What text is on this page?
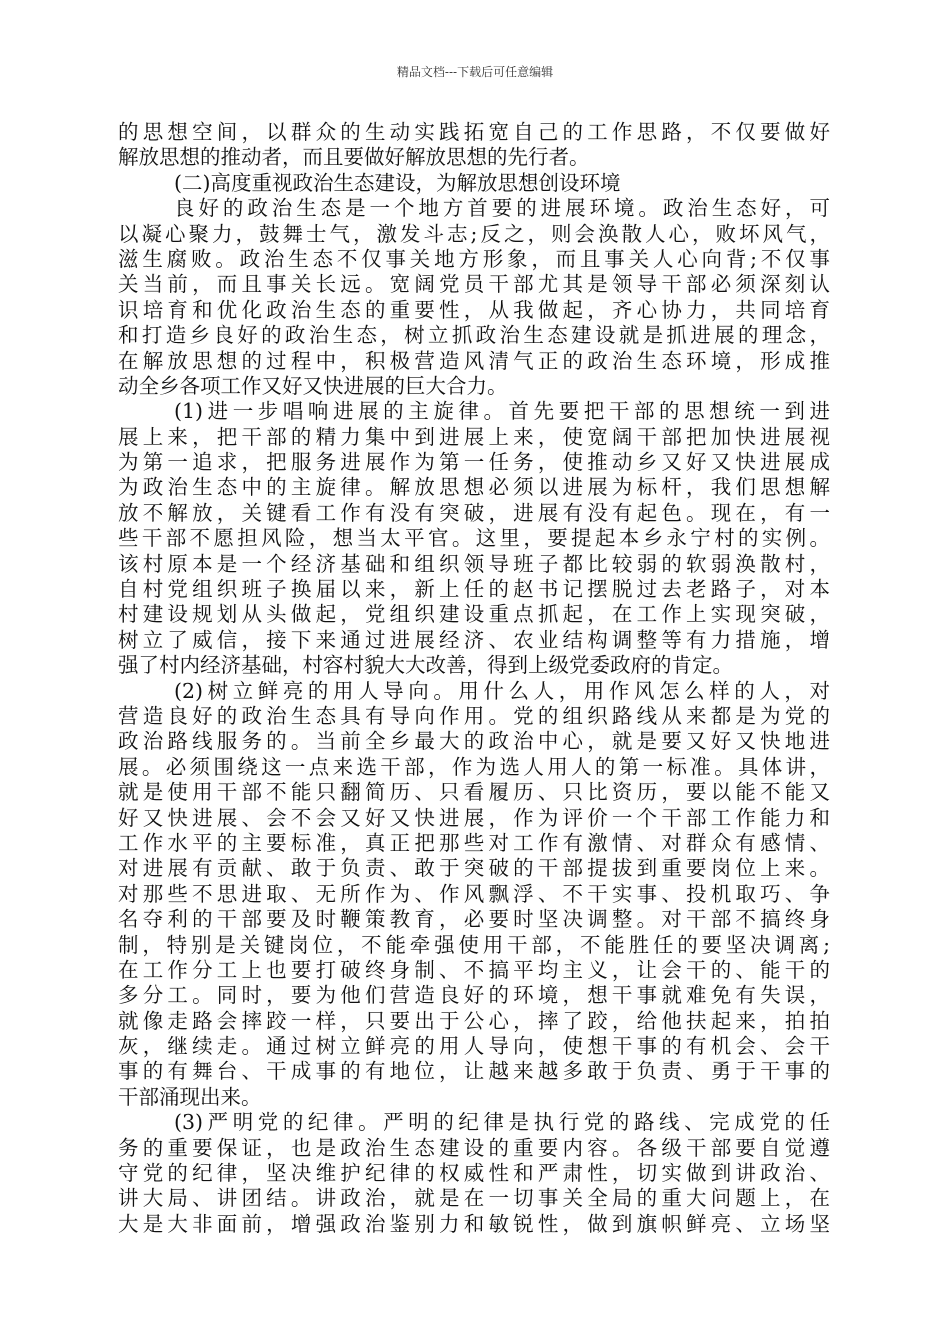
精品文档---下载后可任意编辑
的思想空间，以群众的生动实践拓宽自己的工作思路，不仅要做好
解放思想的推动者，而且要做好解放思想的先行者。
(二)高度重视政治生态建设，为解放思想创设环境
良好的政治生态是一个地方首要的进展环境。政治生态好，可
以凝心聚力，鼓舞士气，激发斗志;反之，则会涣散人心，败坏风气，
滋生腐败。政治生态不仅事关地方形象，而且事关人心向背;不仅事
关当前，而且事关长远。宽阔党员干部尤其是领导干部必须深刻认
识培育和优化政治生态的重要性，从我做起，齐心协力，共同培育
和打造乡良好的政治生态，树立抓政治生态建设就是抓进展的理念，
在解放思想的过程中，积极营造风清气正的政治生态环境，形成推
动全乡各项工作又好又快进展的巨大合力。
(1)进一步唱响进展的主旋律。首先要把干部的思想统一到进
展上来，把干部的精力集中到进展上来，使宽阔干部把加快进展视
为第一追求，把服务进展作为第一任务，使推动乡又好又快进展成
为政治生态中的主旋律。解放思想必须以进展为标杆，我们思想解
放不解放，关键看工作有没有突破，进展有没有起色。现在，有一
些干部不愿担风险，想当太平官。这里，要提起本乡永宁村的实例。
该村原本是一个经济基础和组织领导班子都比较弱的软弱涣散村，
自村党组织班子换届以来，新上任的赵书记摆脱过去老路子，对本
村建设规划从头做起，党组织建设重点抓起，在工作上实现突破，
树立了威信，接下来通过进展经济、农业结构调整等有力措施，增
强了村内经济基础，村容村貌大大改善，得到上级党委政府的肯定。
(2)树立鲜亮的用人导向。用什么人，用作风怎么样的人，对
营造良好的政治生态具有导向作用。党的组织路线从来都是为党的
政治路线服务的。当前全乡最大的政治中心，就是要又好又快地进
展。必须围绕这一点来选干部，作为选人用人的第一标准。具体讲，
就是使用干部不能只翻简历、只看履历、只比资历，要以能不能又
好又快进展、会不会又好又快进展，作为评价一个干部工作能力和
工作水平的主要标准，真正把那些对工作有激情、对群众有感情、
对进展有贡献、敢于负责、敢于突破的干部提拔到重要岗位上来。
对那些不思进取、无所作为、作风飘浮、不干实事、投机取巧、争
名夺利的干部要及时鞭策教育，必要时坚决调整。对干部不搞终身
制，特别是关键岗位，不能牵强使用干部，不能胜任的要坚决调离;
在工作分工上也要打破终身制、不搞平均主义，让会干的、能干的
多分工。同时，要为他们营造良好的环境，想干事就难免有失误，
就像走路会摔跤一样，只要出于公心，摔了跤，给他扶起来，拍拍
灰，继续走。通过树立鲜亮的用人导向，使想干事的有机会、会干
事的有舞台、干成事的有地位，让越来越多敢于负责、勇于干事的
干部涌现出来。
(3)严明党的纪律。严明的纪律是执行党的路线、完成党的任
务的重要保证，也是政治生态建设的重要内容。各级干部要自觉遵
守党的纪律，坚决维护纪律的权威性和严肃性，切实做到讲政治、
讲大局、讲团结。讲政治，就是在一切事关全局的重大问题上，在
大是大非面前，增强政治鉴别力和敏锐性，做到旗帜鲜亮、立场坚
